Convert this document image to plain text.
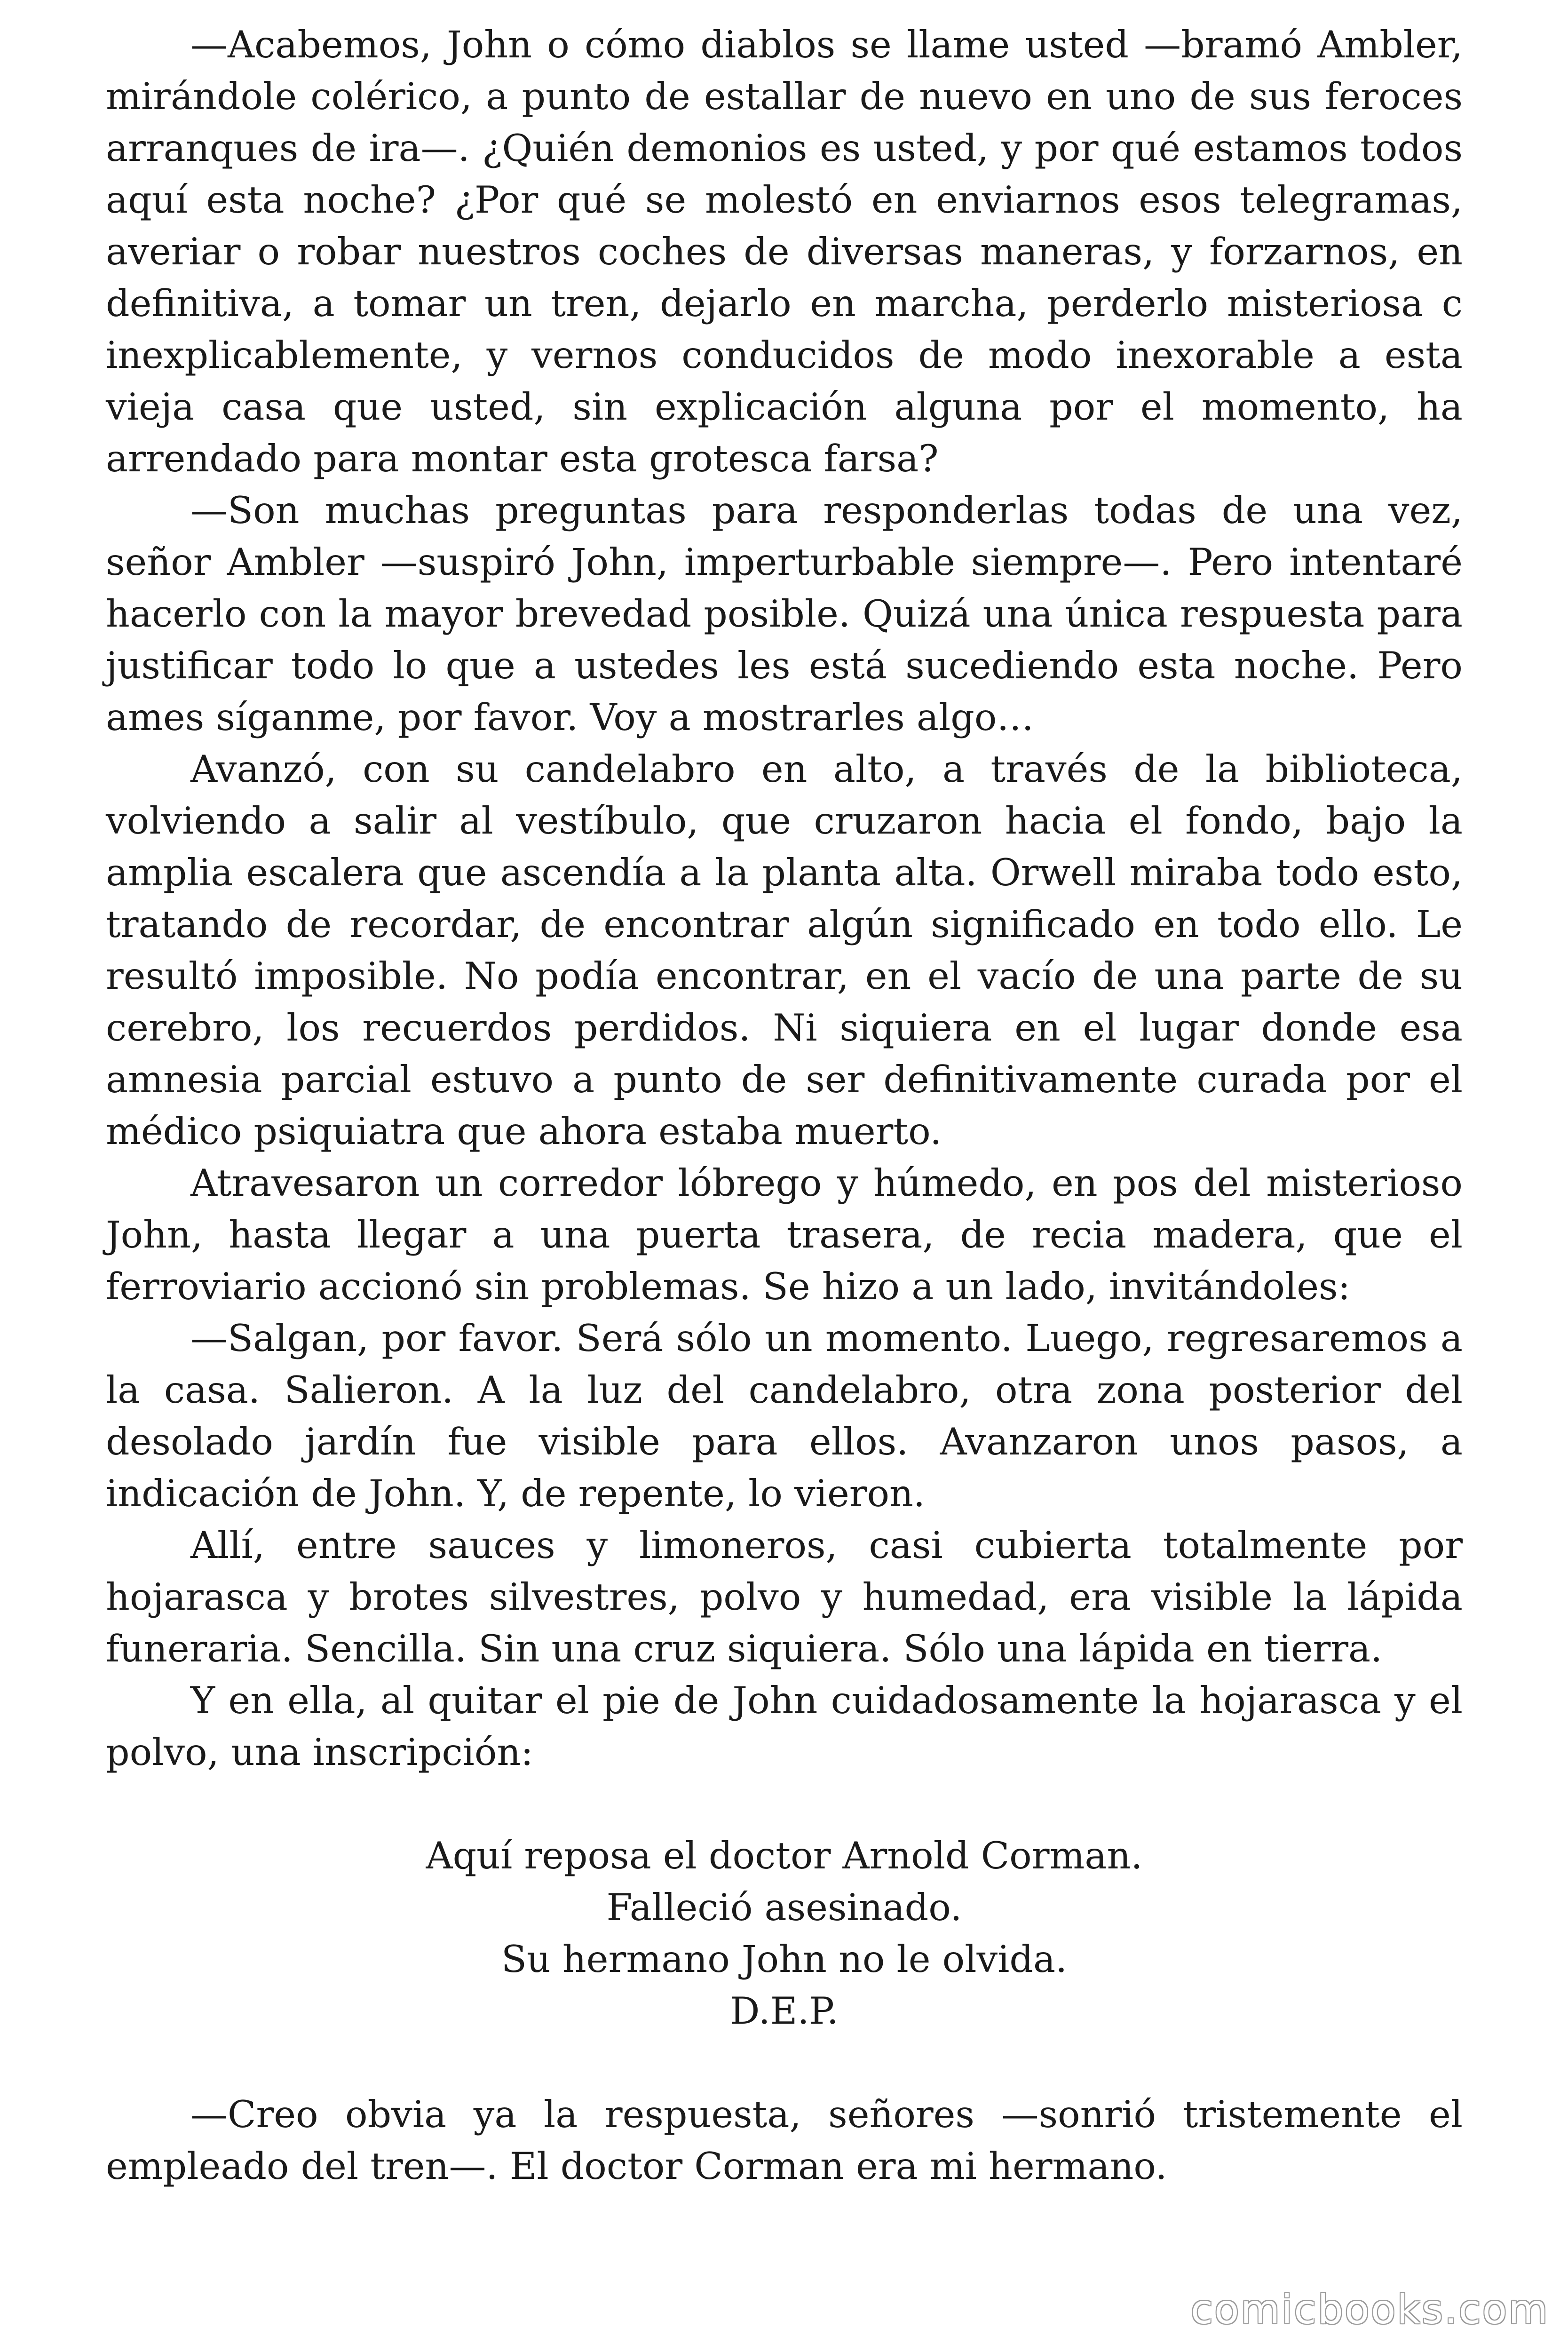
—Acabemos, John o cómo diablos se llame usted —bramó Ambler, mirándole colérico, a punto de estallar de nuevo en uno de sus feroces arranques de ira—. ¿Quién demonios es usted, y por qué estamos todos aquí esta noche? ¿Por qué se molestó en enviarnos esos telegramas, averiar o robar nuestros coches de diversas maneras, y forzarnos, en definitiva, a tomar un tren, dejarlo en marcha, perderlo misteriosa c inexplicablemente, y vernos conducidos de modo inexorable a esta vieja casa que usted, sin explicación alguna por el momento, ha arrendado para montar esta grotesca farsa?

—Son muchas preguntas para responderlas todas de una vez, señor Ambler —suspiró John, imperturbable siempre—. Pero intentaré hacerlo con la mayor brevedad posible. Quizá una única respuesta para justificar todo lo que a ustedes les está sucediendo esta noche. Pero ames síganme, por favor. Voy a mostrarles algo…

Avanzó, con su candelabro en alto, a través de la biblioteca, volviendo a salir al vestíbulo, que cruzaron hacia el fondo, bajo la amplia escalera que ascendía a la planta alta. Orwell miraba todo esto, tratando de recordar, de encontrar algún significado en todo ello. Le resultó imposible. No podía encontrar, en el vacío de una parte de su cerebro, los recuerdos perdidos. Ni siquiera en el lugar donde esa amnesia parcial estuvo a punto de ser definitivamente curada por el médico psiquiatra que ahora estaba muerto.

Atravesaron un corredor lóbrego y húmedo, en pos del misterioso John, hasta llegar a una puerta trasera, de recia madera, que el ferroviario accionó sin problemas. Se hizo a un lado, invitándoles:

—Salgan, por favor. Será sólo un momento. Luego, regresaremos a la casa. Salieron. A la luz del candelabro, otra zona posterior del desolado jardín fue visible para ellos. Avanzaron unos pasos, a indicación de John. Y, de repente, lo vieron.

Allí, entre sauces y limoneros, casi cubierta totalmente por hojarasca y brotes silvestres, polvo y humedad, era visible la lápida funeraria. Sencilla. Sin una cruz siquiera. Sólo una lápida en tierra.

Y en ella, al quitar el pie de John cuidadosamente la hojarasca y el polvo, una inscripción:

Aquí reposa el doctor Arnold Corman.
Falleció asesinado.
Su hermano John no le olvida.
D.E.P.

—Creo obvia ya la respuesta, señores —sonrió tristemente el empleado del tren—. El doctor Corman era mi hermano.

comicbooks.com
